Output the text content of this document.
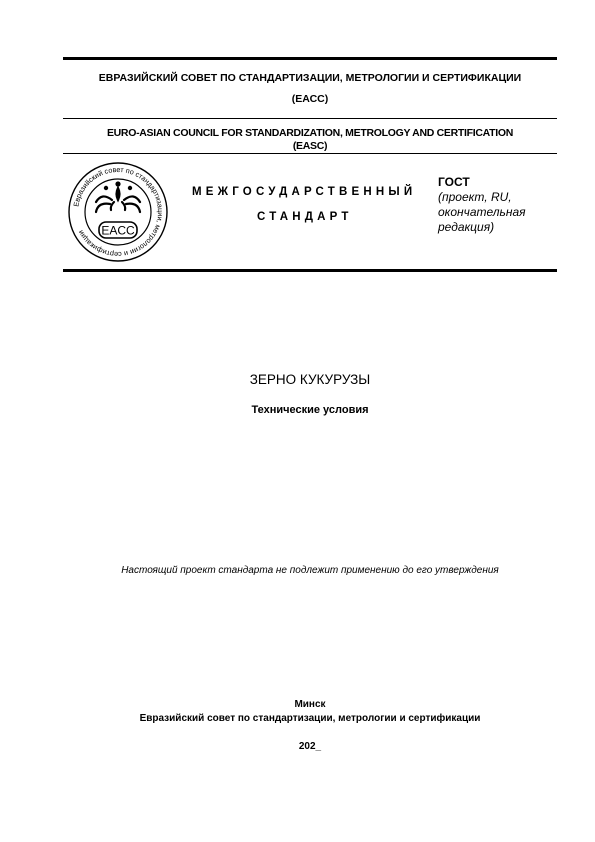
ЕВРАЗИЙСКИЙ СОВЕТ ПО СТАНДАРТИЗАЦИИ, МЕТРОЛОГИИ И СЕРТИФИКАЦИИ
(ЕАСС)
EURO-ASIAN COUNCIL FOR STANDARDIZATION, METROLOGY AND CERTIFICATION
(EASC)
Евразийский совет по стандартизации, метрологии и сертификации	EACC
МЕЖГОСУДАРСТВЕННЫЙ
СТАНДАРТ
ГОСТ
(проект, RU,
окончательная
редакция)
ЗЕРНО КУКУРУЗЫ
Технические условия
Настоящий проект стандарта не подлежит применению до его утверждения
Минск
Евразийский совет по стандартизации, метрологии и сертификации
202_
